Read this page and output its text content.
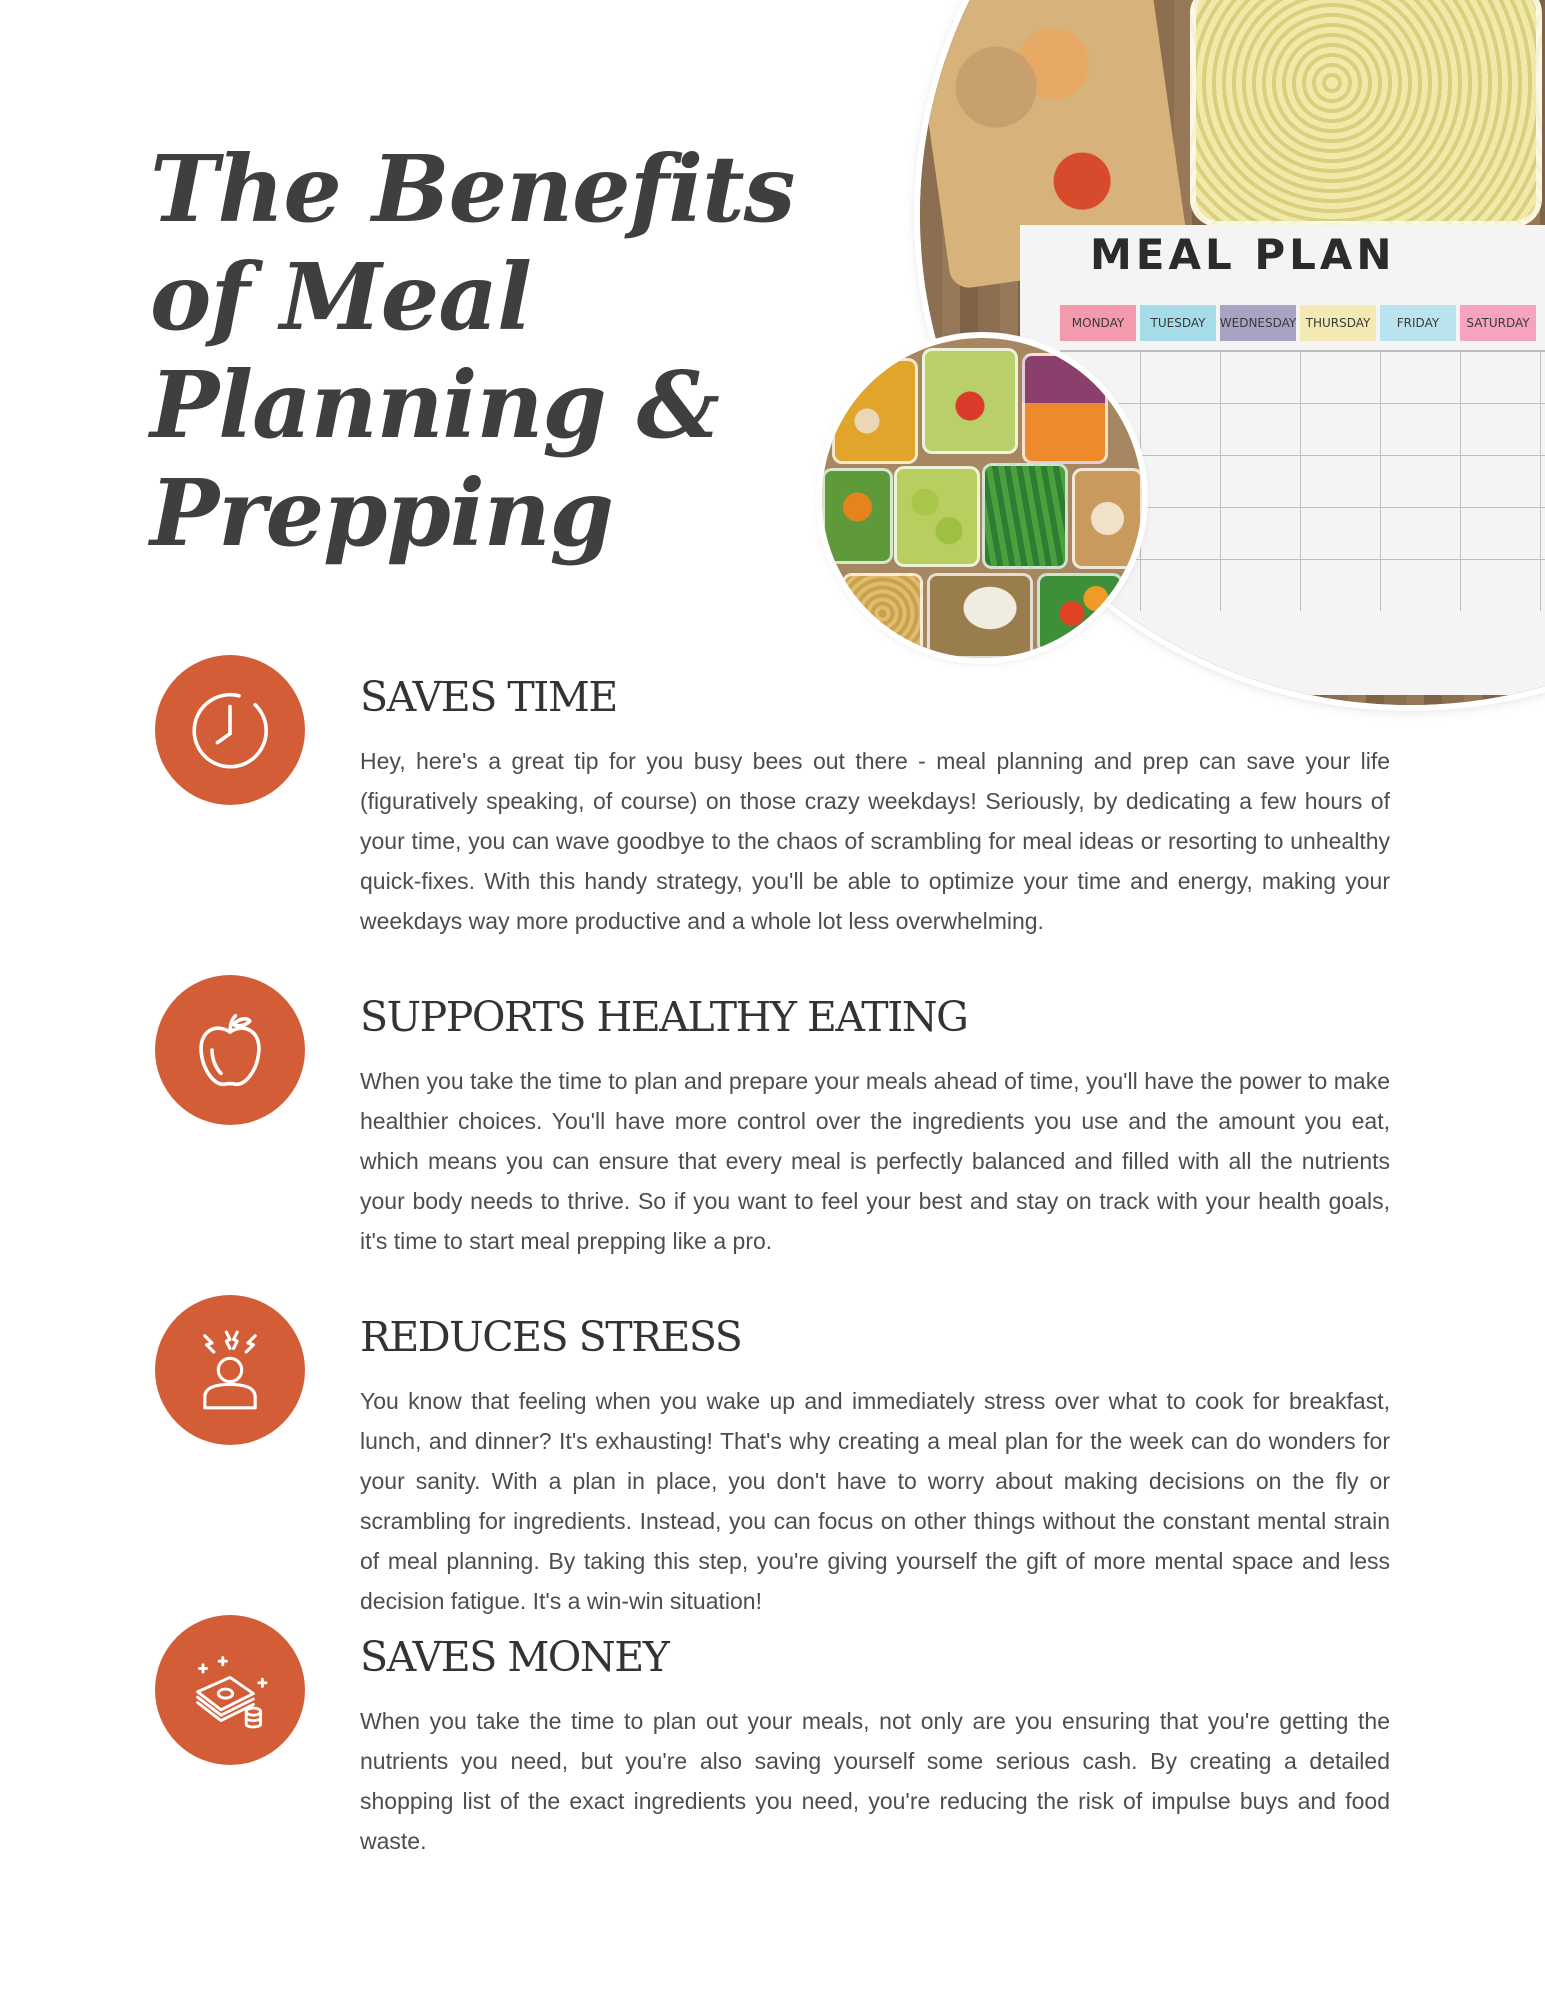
The Benefits of Meal Planning & Prepping
MEAL PLAN
MONDAY	TUESDAY	WEDNESDAY THURSDAY	FRIDAY	SATURDAY
SAVES TIME

Hey, here's a great tip for you busy bees out there - meal planning and prep can save your life (figuratively speaking, of course) on those crazy weekdays! Seriously, by dedicating a few hours of your time, you can wave goodbye to the chaos of scrambling for meal ideas or resorting to unhealthy quick-fixes. With this handy strategy, you'll be able to optimize your time and energy, making your weekdays way more productive and a whole lot less overwhelming.

SUPPORTS HEALTHY EATING

When you take the time to plan and prepare your meals ahead of time, you'll have the power to make healthier choices. You'll have more control over the ingredients you use and the amount you eat, which means you can ensure that every meal is perfectly balanced and filled with all the nutrients your body needs to thrive. So if you want to feel your best and stay on track with your health goals, it's time to start meal prepping like a pro.

REDUCES STRESS

You know that feeling when you wake up and immediately stress over what to cook for breakfast, lunch, and dinner? It's exhausting! That's why creating a meal plan for the week can do wonders for your sanity. With a plan in place, you don't have to worry about making decisions on the fly or scrambling for ingredients. Instead, you can focus on other things without the constant mental strain of meal planning. By taking this step, you're giving yourself the gift of more mental space and less decision fatigue. It's a win-win situation!

SAVES MONEY

When you take the time to plan out your meals, not only are you ensuring that you're getting the nutrients you need, but you're also saving yourself some serious cash. By creating a detailed shopping list of the exact ingredients you need, you're reducing the risk of impulse buys and food waste.
